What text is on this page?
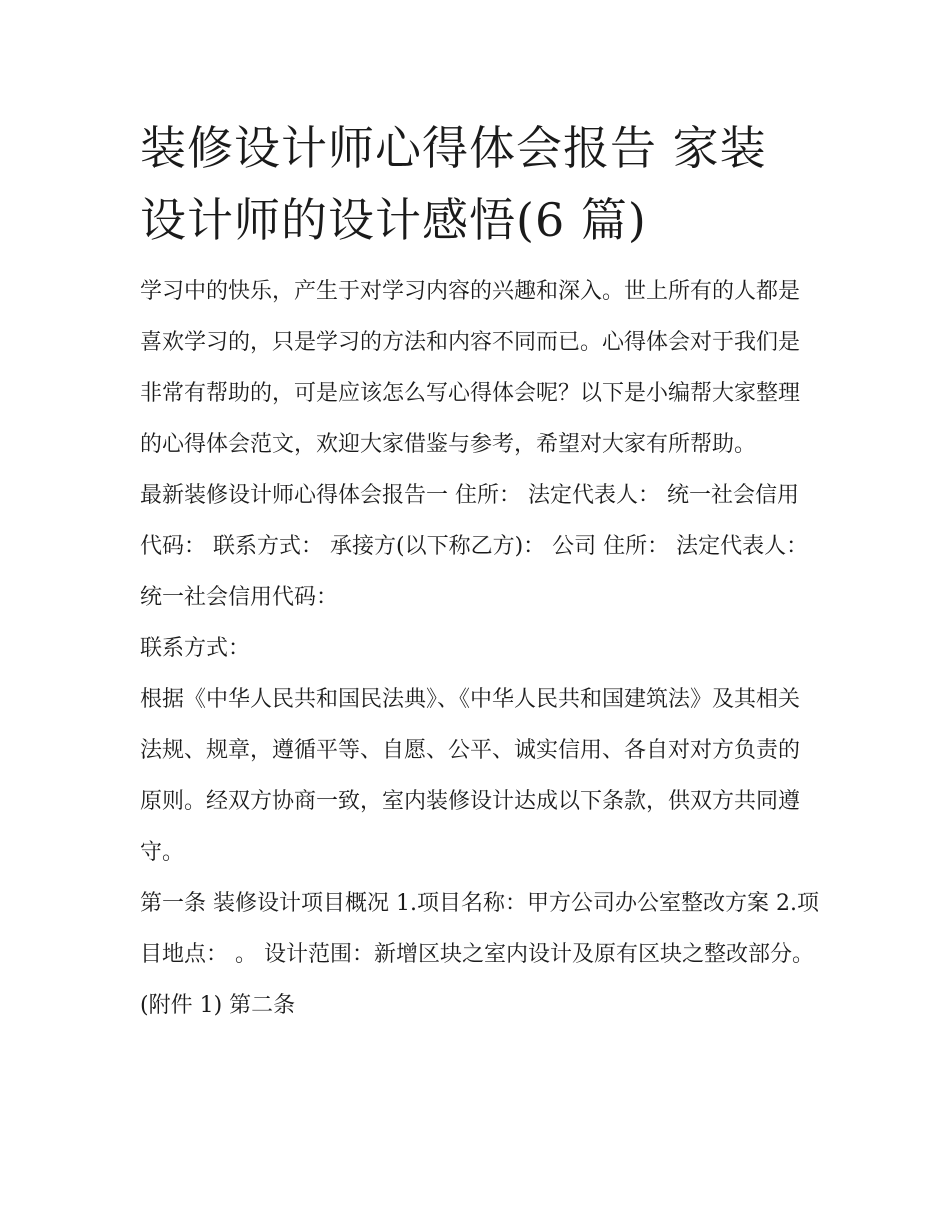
装修设计师心得体会报告 家装
设计师的设计感悟(6 篇)

学习中的快乐，产生于对学习内容的兴趣和深入。世上所有的人都是喜欢学习的，只是学习的方法和内容不同而已。心得体会对于我们是非常有帮助的，可是应该怎么写心得体会呢？以下是小编帮大家整理的心得体会范文，欢迎大家借鉴与参考，希望对大家有所帮助。

最新装修设计师心得体会报告一 住所： 法定代表人： 统一社会信用代码： 联系方式： 承接方(以下称乙方)： 公司 住所： 法定代表人： 统一社会信用代码：

联系方式：

根据《中华人民共和国民法典》、《中华人民共和国建筑法》及其相关法规、规章，遵循平等、自愿、公平、诚实信用、各自对对方负责的原则。经双方协商一致，室内装修设计达成以下条款，供双方共同遵守。

第一条 装修设计项目概况 1.项目名称：甲方公司办公室整改方案 2.项目地点： 。 设计范围：新增区块之室内设计及原有区块之整改部分。(附件 1) 第二条
